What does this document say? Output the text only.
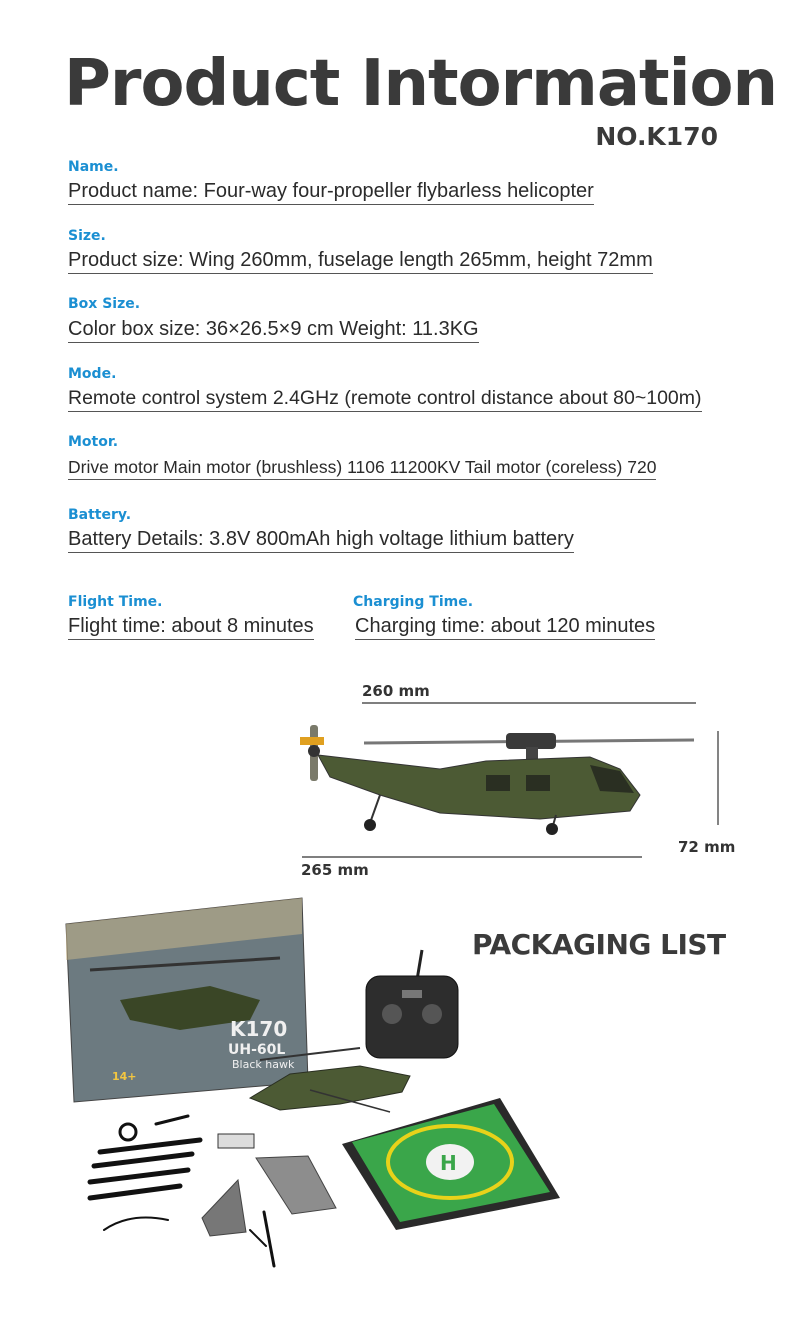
Product Intormation
NO.K170
Name.
Product name: Four-way four-propeller flybarless helicopter
Size.
Product size: Wing 260mm, fuselage length 265mm, height 72mm
Box Size.
Color box size: 36×26.5×9 cm Weight: 11.3KG
Mode.
Remote control system 2.4GHz (remote control distance about 80~100m)
Motor.
Drive motor Main motor (brushless) 1106 11200KV Tail motor (coreless) 720
Battery.
Battery Details: 3.8V 800mAh high voltage lithium battery
Flight Time.
Flight time: about 8 minutes
Charging Time.
Charging time: about 120 minutes
260 mm
72 mm
265 mm
PACKAGING LIST
K170
UH-60L
Black hawk
14+
H
